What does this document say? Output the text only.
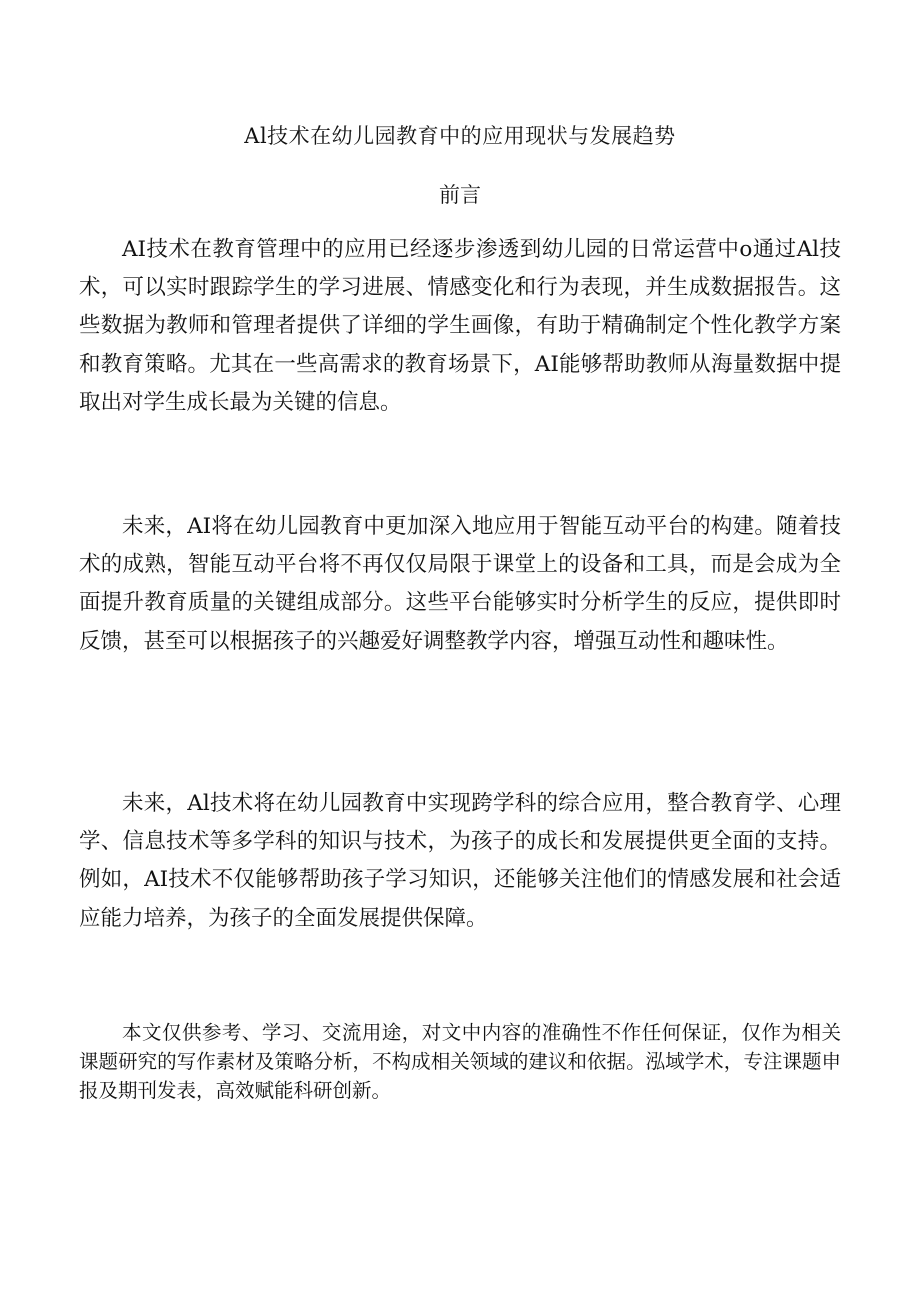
Al技术在幼儿园教育中的应用现状与发展趋势
前言

AI技术在教育管理中的应用已经逐步渗透到幼儿园的日常运营中o通过Al技术，可以实时跟踪学生的学习进展、情感变化和行为表现，并生成数据报告。这些数据为教师和管理者提供了详细的学生画像，有助于精确制定个性化教学方案和教育策略。尤其在一些高需求的教育场景下，AI能够帮助教师从海量数据中提取出对学生成长最为关键的信息。

未来，AI将在幼儿园教育中更加深入地应用于智能互动平台的构建。随着技术的成熟，智能互动平台将不再仅仅局限于课堂上的设备和工具，而是会成为全面提升教育质量的关键组成部分。这些平台能够实时分析学生的反应，提供即时反馈，甚至可以根据孩子的兴趣爱好调整教学内容，增强互动性和趣味性。

未来，Al技术将在幼儿园教育中实现跨学科的综合应用，整合教育学、心理学、信息技术等多学科的知识与技术，为孩子的成长和发展提供更全面的支持。例如，AI技术不仅能够帮助孩子学习知识，还能够关注他们的情感发展和社会适应能力培养，为孩子的全面发展提供保障。

本文仅供参考、学习、交流用途，对文中内容的准确性不作任何保证，仅作为相关课题研究的写作素材及策略分析，不构成相关领域的建议和依据。泓域学术，专注课题申报及期刊发表，高效赋能科研创新。
